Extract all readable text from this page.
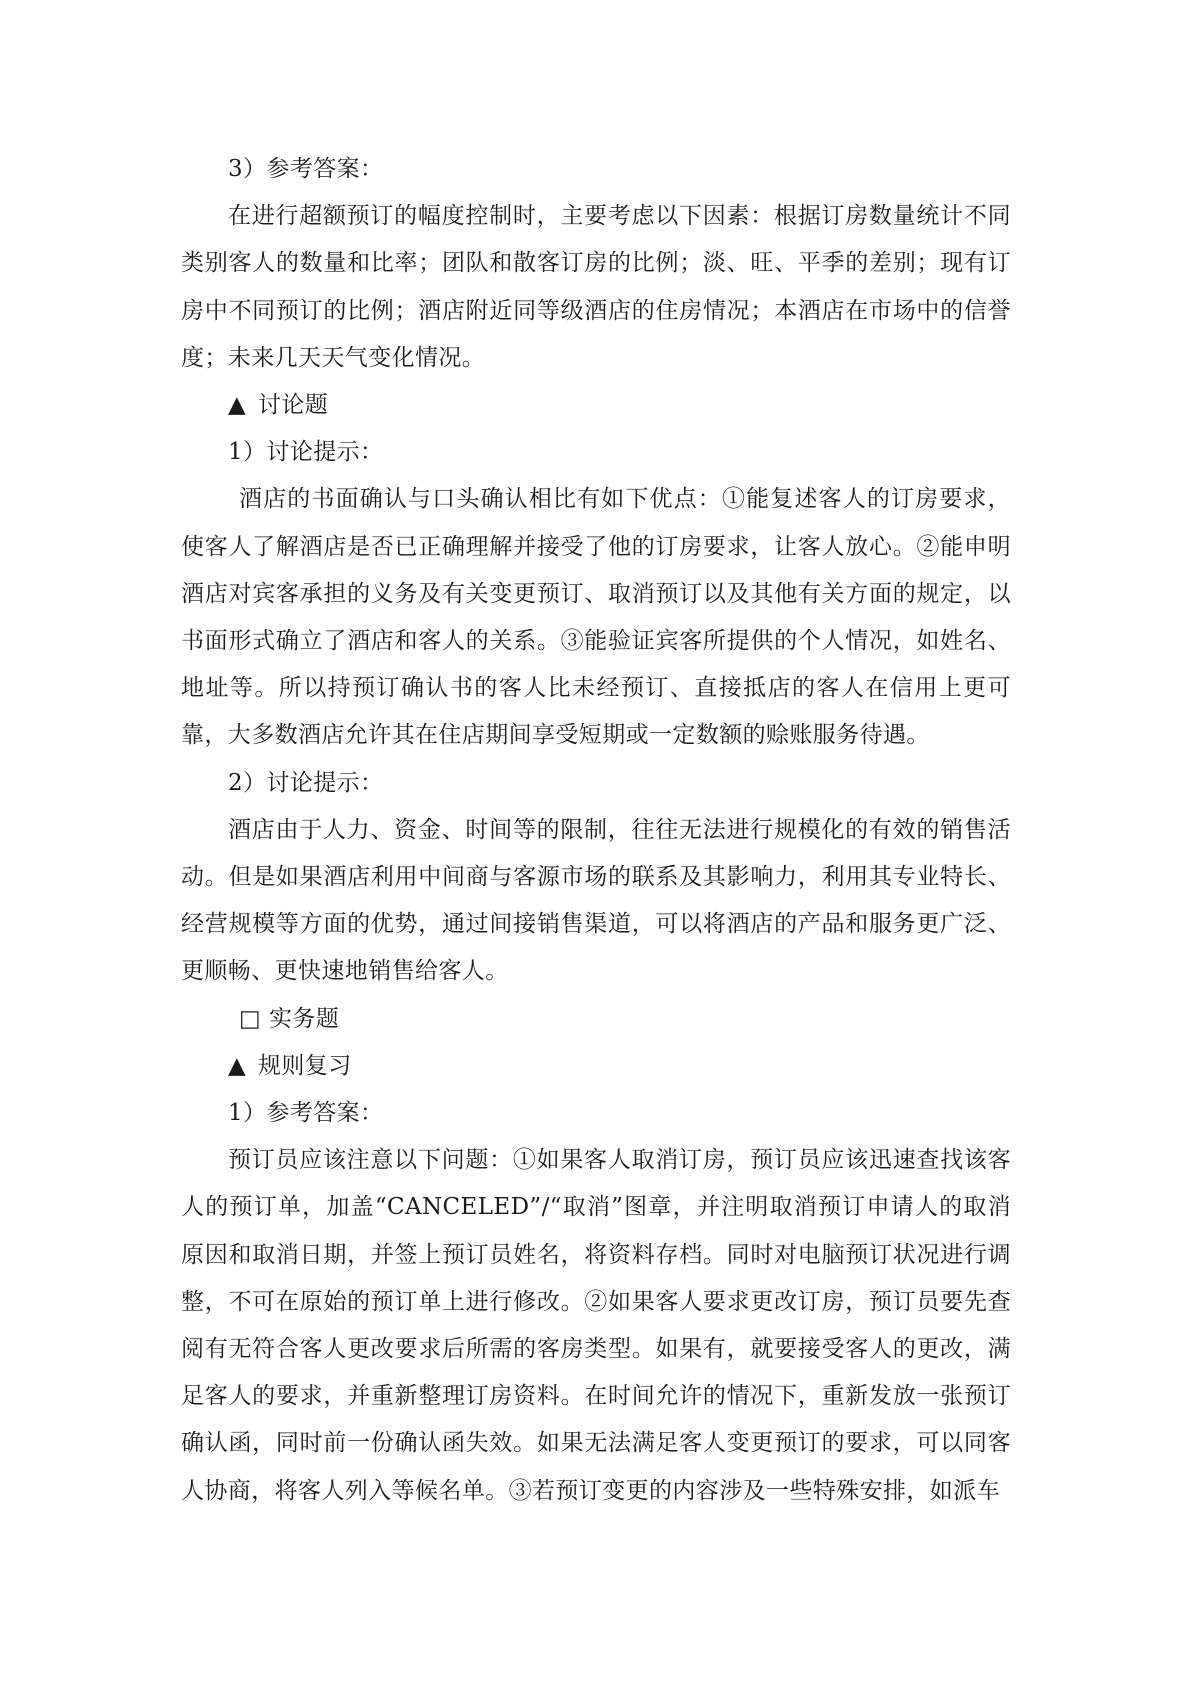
3）参考答案：

在进行超额预订的幅度控制时，主要考虑以下因素：根据订房数量统计不同类别客人的数量和比率；团队和散客订房的比例；淡、旺、平季的差别；现有订房中不同预订的比例；酒店附近同等级酒店的住房情况；本酒店在市场中的信誉度；未来几天天气变化情况。

▲ 讨论题

1）讨论提示：

酒店的书面确认与口头确认相比有如下优点：①能复述客人的订房要求，使客人了解酒店是否已正确理解并接受了他的订房要求，让客人放心。②能申明酒店对宾客承担的义务及有关变更预订、取消预订以及其他有关方面的规定，以书面形式确立了酒店和客人的关系。③能验证宾客所提供的个人情况，如姓名、地址等。所以持预订确认书的客人比未经预订、直接抵店的客人在信用上更可靠，大多数酒店允许其在住店期间享受短期或一定数额的赊账服务待遇。

2）讨论提示：

酒店由于人力、资金、时间等的限制，往往无法进行规模化的有效的销售活动。但是如果酒店利用中间商与客源市场的联系及其影响力，利用其专业特长、经营规模等方面的优势，通过间接销售渠道，可以将酒店的产品和服务更广泛、更顺畅、更快速地销售给客人。

□ 实务题

▲ 规则复习

1）参考答案：

预订员应该注意以下问题：①如果客人取消订房，预订员应该迅速查找该客人的预订单，加盖“CANCELED”/“取消”图章，并注明取消预订申请人的取消原因和取消日期，并签上预订员姓名，将资料存档。同时对电脑预订状况进行调整，不可在原始的预订单上进行修改。②如果客人要求更改订房，预订员要先查阅有无符合客人更改要求后所需的客房类型。如果有，就要接受客人的更改，满足客人的要求，并重新整理订房资料。在时间允许的情况下，重新发放一张预订确认函，同时前一份确认函失效。如果无法满足客人变更预订的要求，可以同客人协商，将客人列入等候名单。③若预订变更的内容涉及一些特殊安排，如派车
